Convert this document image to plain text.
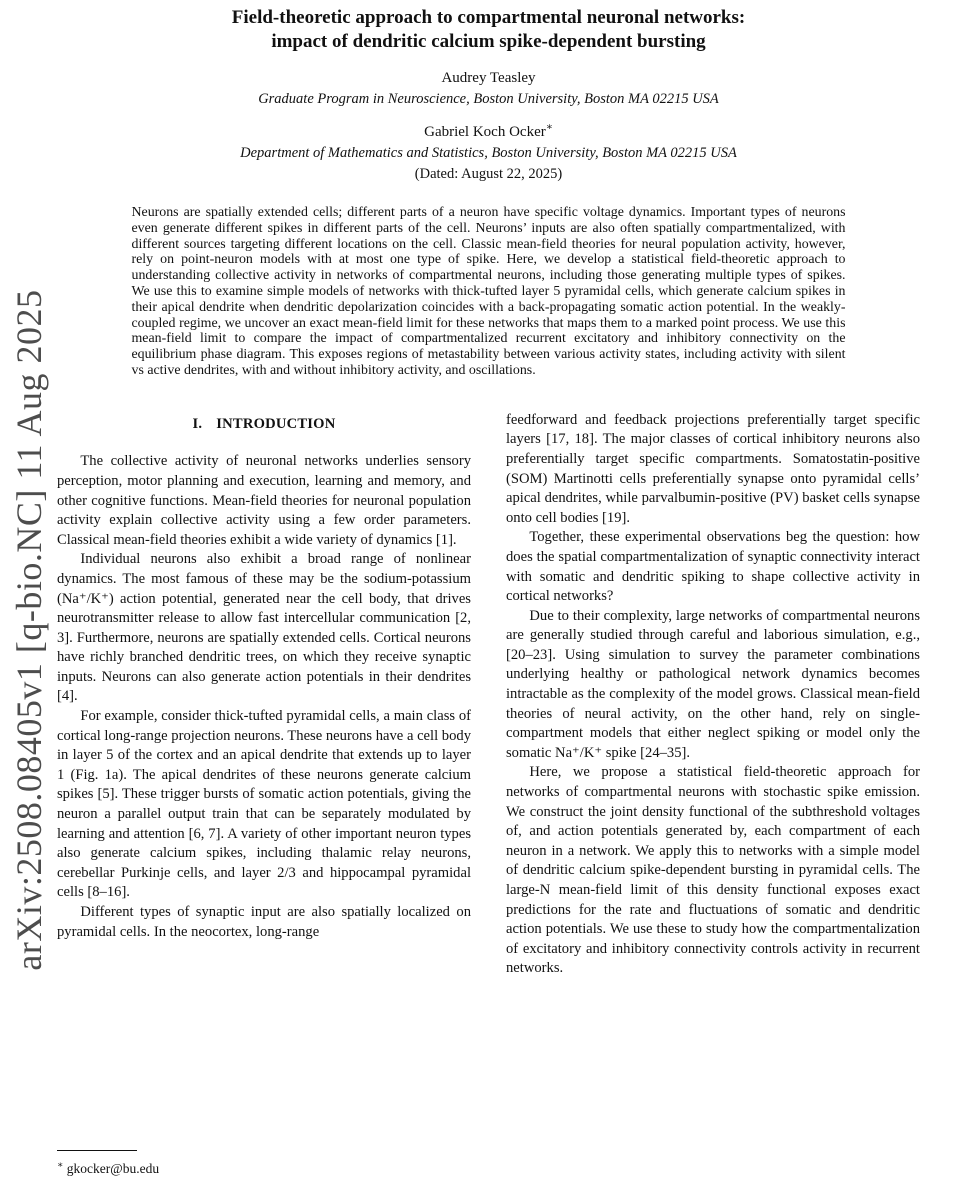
arXiv:2508.08405v1 [q-bio.NC] 11 Aug 2025
Field-theoretic approach to compartmental neuronal networks:
impact of dendritic calcium spike-dependent bursting
Audrey Teasley
Graduate Program in Neuroscience, Boston University, Boston MA 02215 USA
Gabriel Koch Ocker∗
Department of Mathematics and Statistics, Boston University, Boston MA 02215 USA
(Dated: August 22, 2025)
Neurons are spatially extended cells; different parts of a neuron have specific voltage dynamics. Important types of neurons even generate different spikes in different parts of the cell. Neurons’ inputs are also often spatially compartmentalized, with different sources targeting different locations on the cell. Classic mean-field theories for neural population activity, however, rely on point-neuron models with at most one type of spike. Here, we develop a statistical field-theoretic approach to understanding collective activity in networks of compartmental neurons, including those generating multiple types of spikes. We use this to examine simple models of networks with thick-tufted layer 5 pyramidal cells, which generate calcium spikes in their apical dendrite when dendritic depolarization coincides with a back-propagating somatic action potential. In the weakly-coupled regime, we uncover an exact mean-field limit for these networks that maps them to a marked point process. We use this mean-field limit to compare the impact of compartmentalized recurrent excitatory and inhibitory connectivity on the equilibrium phase diagram. This exposes regions of metastability between various activity states, including activity with silent vs active dendrites, with and without inhibitory activity, and oscillations.
I. INTRODUCTION

The collective activity of neuronal networks underlies sensory perception, motor planning and execution, learning and memory, and other cognitive functions. Mean-field theories for neuronal population activity explain collective activity using a few order parameters. Classical mean-field theories exhibit a wide variety of dynamics [1].

Individual neurons also exhibit a broad range of nonlinear dynamics. The most famous of these may be the sodium-potassium (Na⁺/K⁺) action potential, generated near the cell body, that drives neurotransmitter release to allow fast intercellular communication [2, 3]. Furthermore, neurons are spatially extended cells. Cortical neurons have richly branched dendritic trees, on which they receive synaptic inputs. Neurons can also generate action potentials in their dendrites [4].

For example, consider thick-tufted pyramidal cells, a main class of cortical long-range projection neurons. These neurons have a cell body in layer 5 of the cortex and an apical dendrite that extends up to layer 1 (Fig. 1a). The apical dendrites of these neurons generate calcium spikes [5]. These trigger bursts of somatic action potentials, giving the neuron a parallel output train that can be separately modulated by learning and attention [6, 7]. A variety of other important neuron types also generate calcium spikes, including thalamic relay neurons, cerebellar Purkinje cells, and layer 2/3 and hippocampal pyramidal cells [8–16].

Different types of synaptic input are also spatially localized on pyramidal cells. In the neocortex, long-range

feedforward and feedback projections preferentially target specific layers [17, 18]. The major classes of cortical inhibitory neurons also preferentially target specific compartments. Somatostatin-positive (SOM) Martinotti cells preferentially synapse onto pyramidal cells’ apical dendrites, while parvalbumin-positive (PV) basket cells synapse onto cell bodies [19].

Together, these experimental observations beg the question: how does the spatial compartmentalization of synaptic connectivity interact with somatic and dendritic spiking to shape collective activity in cortical networks?

Due to their complexity, large networks of compartmental neurons are generally studied through careful and laborious simulation, e.g., [20–23]. Using simulation to survey the parameter combinations underlying healthy or pathological network dynamics becomes intractable as the complexity of the model grows. Classical mean-field theories of neural activity, on the other hand, rely on single-compartment models that either neglect spiking or model only the somatic Na⁺/K⁺ spike [24–35].

Here, we propose a statistical field-theoretic approach for networks of compartmental neurons with stochastic spike emission. We construct the joint density functional of the subthreshold voltages of, and action potentials generated by, each compartment of each neuron in a network. We apply this to networks with a simple model of dendritic calcium spike-dependent bursting in pyramidal cells. The large-N mean-field limit of this density functional exposes exact predictions for the rate and fluctuations of somatic and dendritic action potentials. We use these to study how the compartmentalization of excitatory and inhibitory connectivity controls activity in recurrent networks.

∗ gkocker@bu.edu
